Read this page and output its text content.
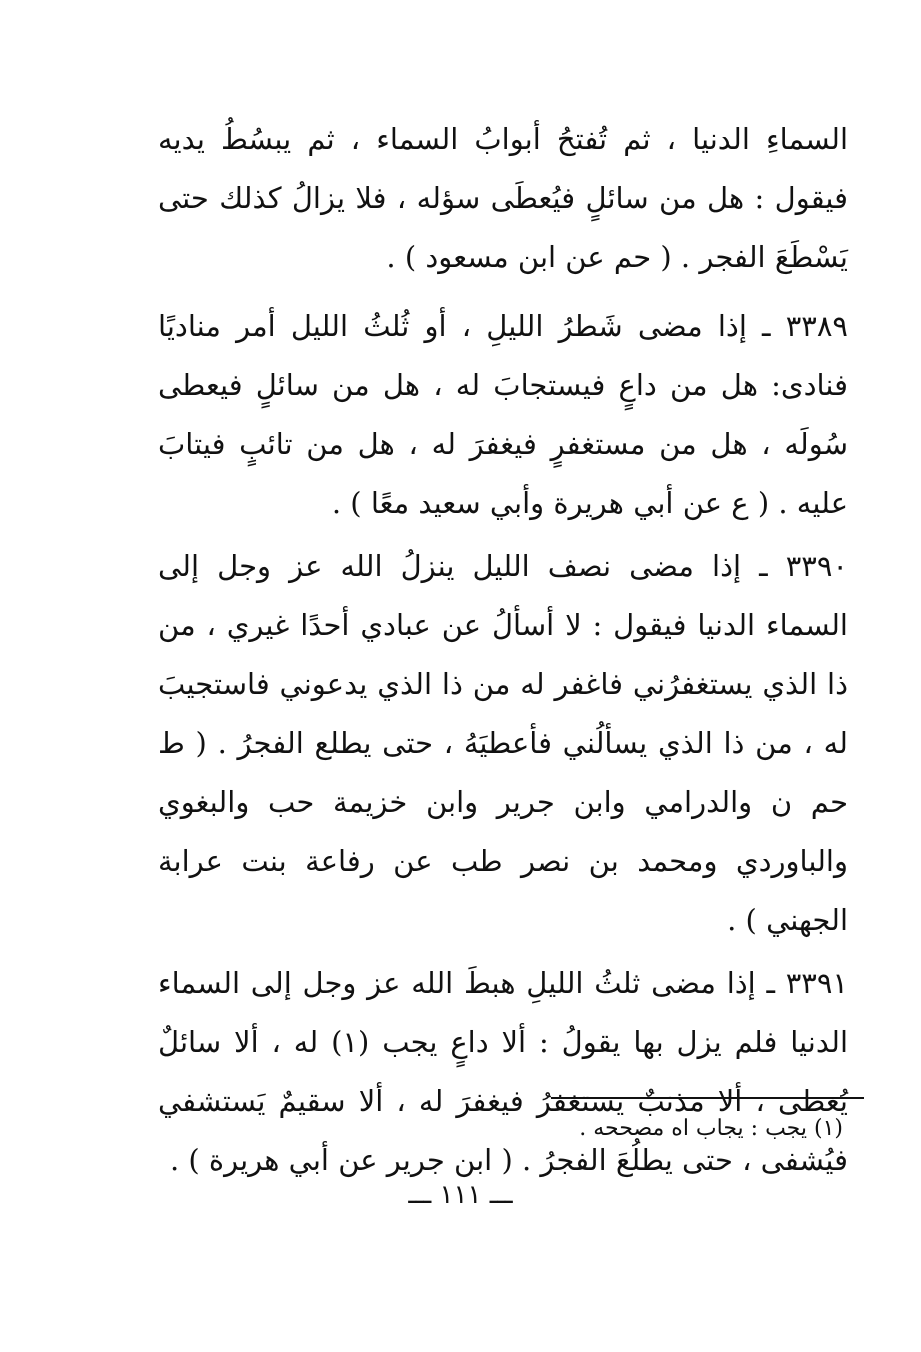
السماءِ الدنيا ، ثم تُفتحُ أبوابُ السماء ، ثم يبسُطُ يديه فيقول : هل من سائلٍ فيُعطَى سؤله ، فلا يزالُ كذلك حتى يَسْطَعَ الفجر . ( حم عن ابن مسعود ) .

٣٣٨٩ ـ إذا مضى شَطرُ الليلِ ، أو ثُلثُ الليل أمر مناديًا فنادى: هل من داعٍ فيستجابَ له ، هل من سائلٍ فيعطى سُولَه ، هل من مستغفرٍ فيغفرَ له ، هل من تائبٍ فيتابَ عليه . ( ع عن أبي هريرة وأبي سعيد معًا ) .

٣٣٩٠ ـ إذا مضى نصف الليل ينزلُ الله عز وجل إلى السماء الدنيا فيقول : لا أسألُ عن عبادي أحدًا غيري ، من ذا الذي يستغفرُني فاغفر له من ذا الذي يدعوني فاستجيبَ له ، من ذا الذي يسألُني فأعطيَهُ ، حتى يطلع الفجرُ . ( ط حم ن والدرامي وابن جرير وابن خزيمة حب والبغوي والباوردي ومحمد بن نصر طب عن رفاعة بنت عرابة الجهني ) .

٣٣٩١ ـ إذا مضى ثلثُ الليلِ هبطَ الله عز وجل إلى السماء الدنيا فلم يزل بها يقولُ : ألا داعٍ يجب (١) له ، ألا سائلٌ يُعطى ، ألا مذنبٌ يستغفرُ فيغفرَ له ، ألا سقيمٌ يَستشفي فيُشفى ، حتى يطلُعَ الفجرُ . ( ابن جرير عن أبي هريرة ) .

(١) يجب : يجاب اه مصححه .
ـــ ١١١ ـــ
